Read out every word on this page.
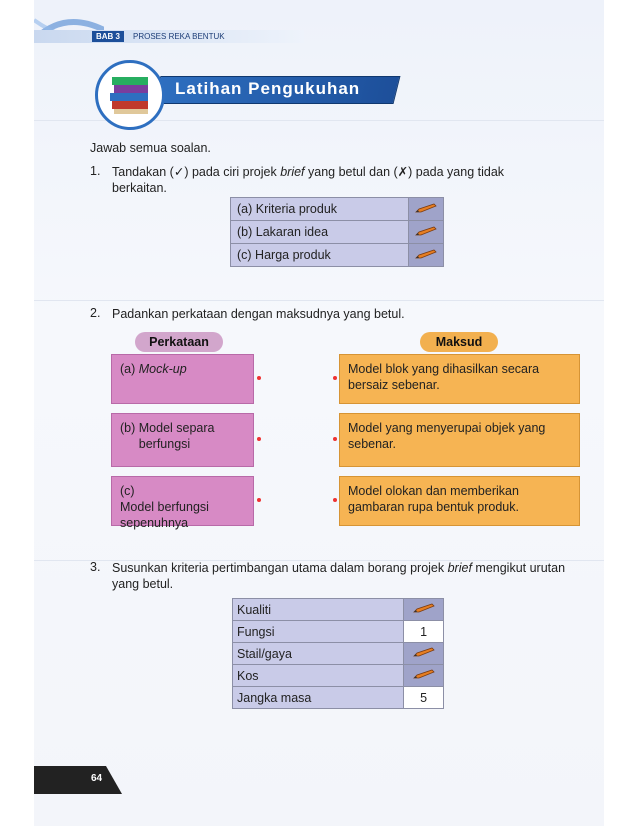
BAB 3	PROSES REKA BENTUK
Latihan Pengukuhan
Jawab semua soalan.
1. Tandakan (✓) pada ciri projek brief yang betul dan (✗) pada yang tidak berkaitan.
(a) Kriteria produk	
(b) Lakaran idea	
(c) Harga produk	
2. Padankan perkataan dengan maksudnya yang betul.
Perkataan	Maksud
(a) Mock-up
(b) Model separa berfungsi
(c) Model berfungsi sepenuhnya
Model blok yang dihasilkan secara bersaiz sebenar.
Model yang menyerupai objek yang sebenar.
Model olokan dan memberikan gambaran rupa bentuk produk.
3. Susunkan kriteria pertimbangan utama dalam borang projek brief mengikut urutan yang betul.
Kualiti	
Fungsi	1
Stail/gaya	
Kos	
Jangka masa	5
64
